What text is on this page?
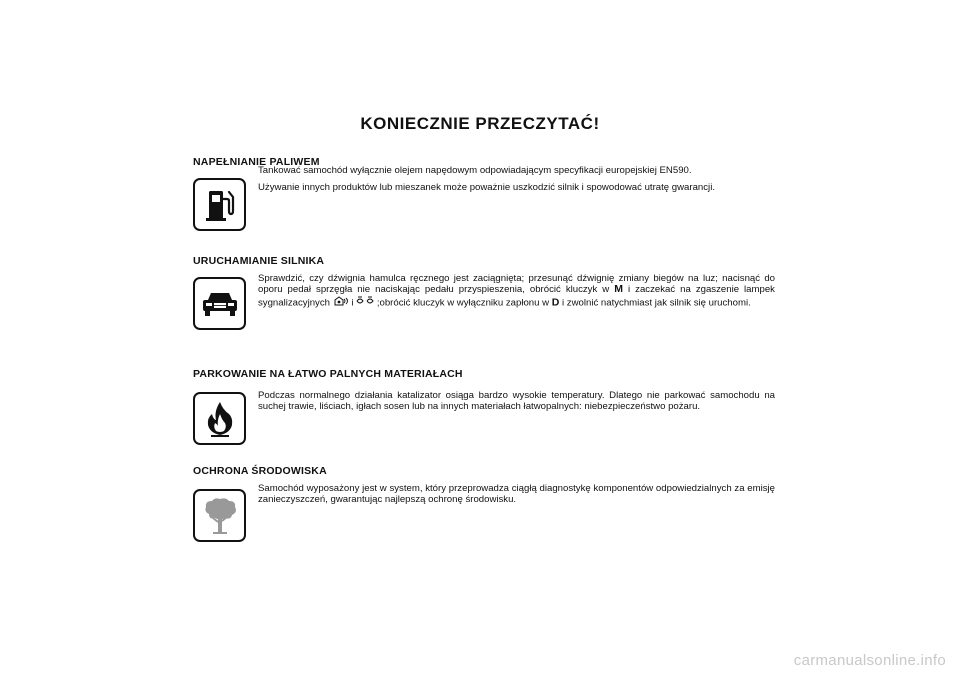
KONIECZNIE PRZECZYTAĆ!
NAPEŁNIANIE PALIWEM

Tankować samochód wyłącznie olejem napędowym odpowiadającym specyfikacji europejskiej EN590.

Używanie innych produktów lub mieszanek może poważnie uszkodzić silnik i spowodować utratę gwarancji.

URUCHAMIANIE SILNIKA

Sprawdzić, czy dźwignia hamulca ręcznego jest zaciągnięta; przesunąć dźwignię zmiany biegów na luz; nacisnąć do oporu pedał sprzęgła nie naciskając pedału przyspieszenia, obrócić kluczyk w M i zaczekać na zgaszenie lampek sygnalizacyjnych i ;obrócić kluczyk w wyłączniku zapłonu w D i zwolnić natychmiast jak silnik się uruchomi.

PARKOWANIE NA ŁATWO PALNYCH MATERIAŁACH

Podczas normalnego działania katalizator osiąga bardzo wysokie temperatury. Dlatego nie parkować samochodu na suchej trawie, liściach, igłach sosen lub na innych materiałach łatwopalnych: niebezpieczeństwo pożaru.

OCHRONA ŚRODOWISKA

Samochód wyposażony jest w system, który przeprowadza ciągłą diagnostykę komponentów odpowiedzialnych za emisję zanieczyszczeń, gwarantując najlepszą ochronę środowisku.

carmanualsonline.info
